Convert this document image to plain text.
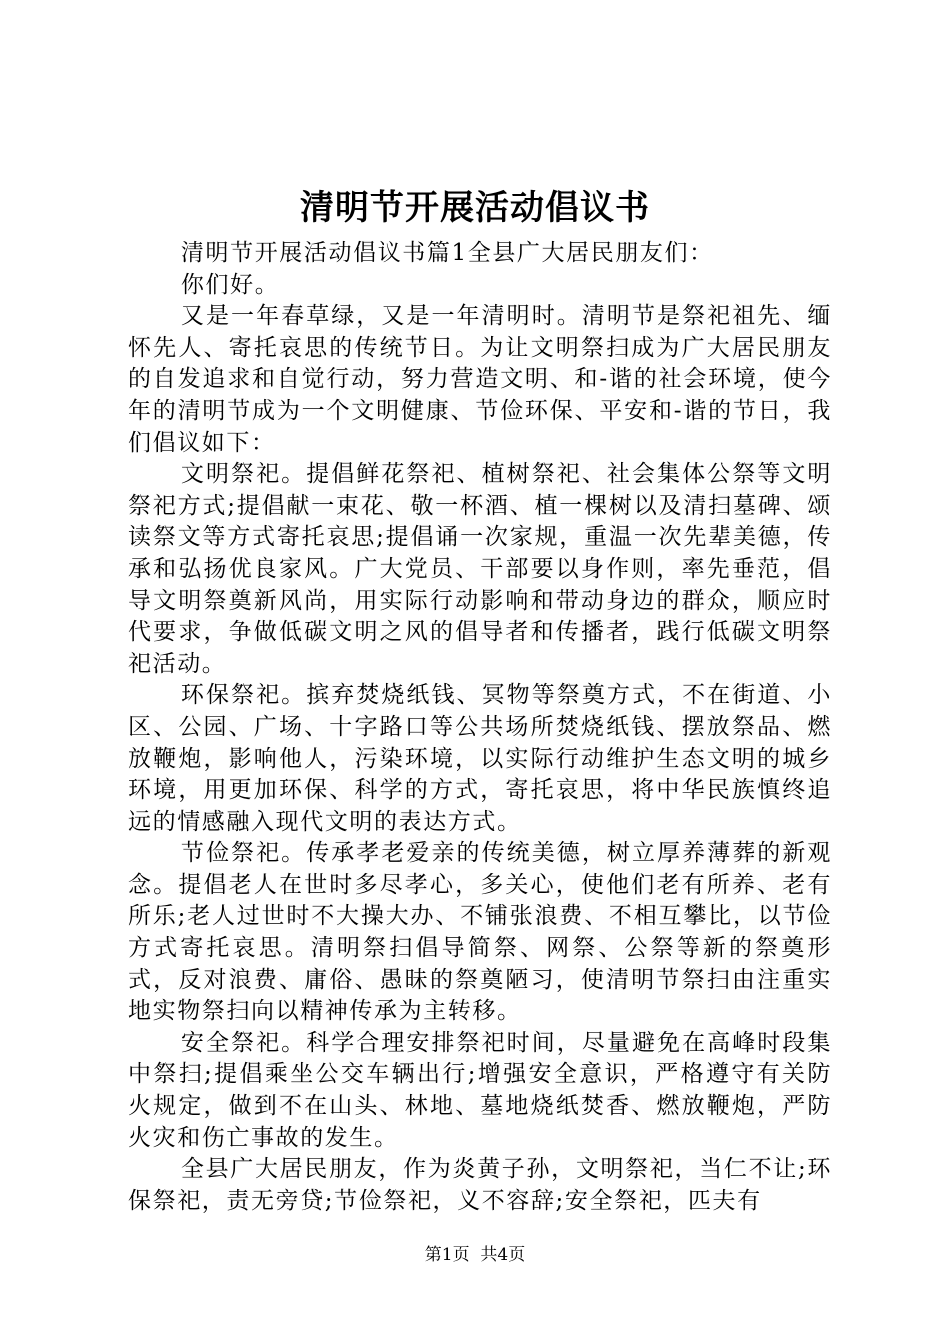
清明节开展活动倡议书

清明节开展活动倡议书篇1全县广大居民朋友们：

你们好。

又是一年春草绿，又是一年清明时。清明节是祭祀祖先、缅怀先人、寄托哀思的传统节日。为让文明祭扫成为广大居民朋友的自发追求和自觉行动，努力营造文明、和-谐的社会环境，使今年的清明节成为一个文明健康、节俭环保、平安和-谐的节日，我们倡议如下：

文明祭祀。提倡鲜花祭祀、植树祭祀、社会集体公祭等文明祭祀方式;提倡献一束花、敬一杯酒、植一棵树以及清扫墓碑、颂读祭文等方式寄托哀思;提倡诵一次家规，重温一次先辈美德，传承和弘扬优良家风。广大党员、干部要以身作则，率先垂范，倡导文明祭奠新风尚，用实际行动影响和带动身边的群众，顺应时代要求，争做低碳文明之风的倡导者和传播者，践行低碳文明祭祀活动。

环保祭祀。摈弃焚烧纸钱、冥物等祭奠方式，不在街道、小区、公园、广场、十字路口等公共场所焚烧纸钱、摆放祭品、燃放鞭炮，影响他人，污染环境，以实际行动维护生态文明的城乡环境，用更加环保、科学的方式，寄托哀思，将中华民族慎终追远的情感融入现代文明的表达方式。

节俭祭祀。传承孝老爱亲的传统美德，树立厚养薄葬的新观念。提倡老人在世时多尽孝心，多关心，使他们老有所养、老有所乐;老人过世时不大操大办、不铺张浪费、不相互攀比，以节俭方式寄托哀思。清明祭扫倡导简祭、网祭、公祭等新的祭奠形式，反对浪费、庸俗、愚昧的祭奠陋习，使清明节祭扫由注重实地实物祭扫向以精神传承为主转移。

安全祭祀。科学合理安排祭祀时间，尽量避免在高峰时段集中祭扫;提倡乘坐公交车辆出行;增强安全意识，严格遵守有关防火规定，做到不在山头、林地、墓地烧纸焚香、燃放鞭炮，严防火灾和伤亡事故的发生。

全县广大居民朋友，作为炎黄子孙，文明祭祀，当仁不让;环保祭祀，责无旁贷;节俭祭祀，义不容辞;安全祭祀，匹夫有

第1页 共4页
